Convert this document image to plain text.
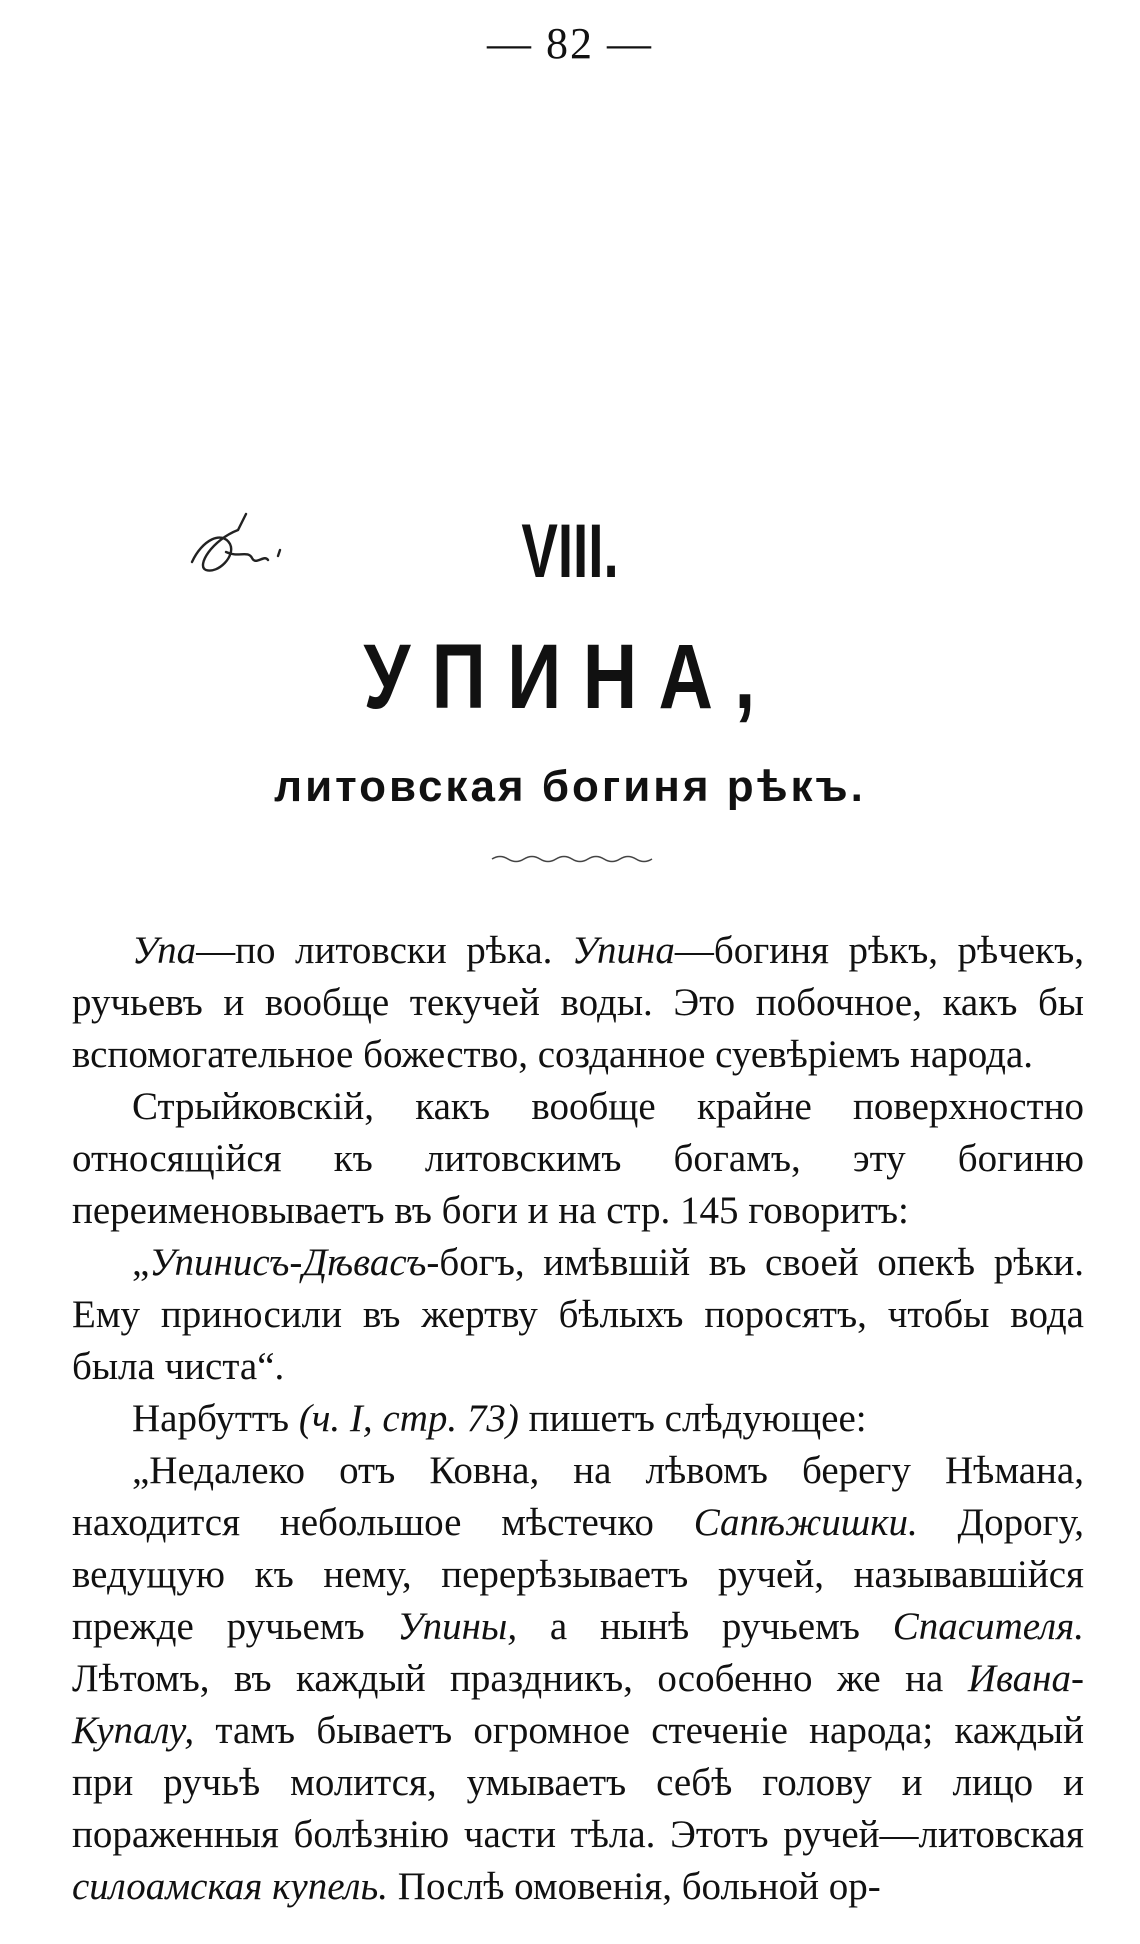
— 82 —
VIII.
УПИНА,
литовская богиня рѣкъ.

Упа—по литовски рѣка. Упина—богиня рѣкъ, рѣчекъ, ручьевъ и вообще текучей воды. Это побочное, какъ бы вспомогательное божество, созданное суевѣріемъ народа.

Стрыйковскій, какъ вообще крайне поверхностно относящійся къ литовскимъ богамъ, эту богиню переименовываетъ въ боги и на стр. 145 говоритъ:

„Упинисъ-Дѣвасъ-богъ, имѣвшій въ своей опекѣ рѣки. Ему приносили въ жертву бѣлыхъ поросятъ, чтобы вода была чиста“.

Нарбуттъ (ч. I, стр. 73) пишетъ слѣдующее:

„Недалеко отъ Ковна, на лѣвомъ берегу Нѣмана, находится небольшое мѣстечко Сапѣжишки. Дорогу, ведущую къ нему, перерѣзываетъ ручей, называвшійся прежде ручьемъ Упины, а нынѣ ручьемъ Спасителя. Лѣтомъ, въ каждый праздникъ, особенно же на Ивана-Купалу, тамъ бываетъ огромное стеченіе народа; каждый при ручьѣ молится, умываетъ себѣ голову и лицо и пораженныя болѣзнію части тѣла. Этотъ ручей—литовская силоамская купель. Послѣ омовенія, больной ор-
